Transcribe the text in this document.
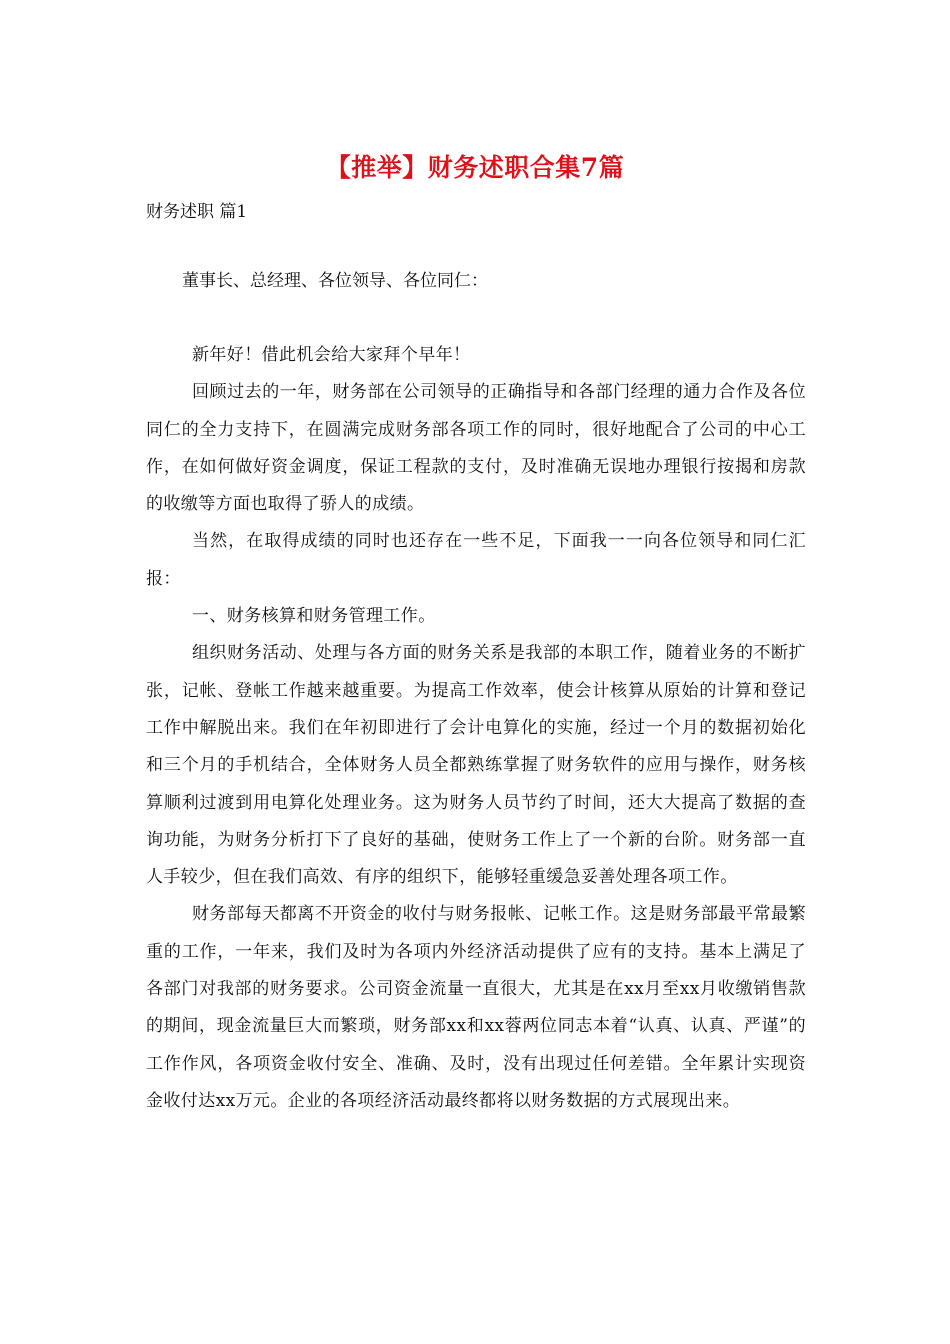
【推举】财务述职合集7篇
财务述职 篇1
董事长、总经理、各位领导、各位同仁：

新年好！借此机会给大家拜个早年！

回顾过去的一年，财务部在公司领导的正确指导和各部门经理的通力合作及各位同仁的全力支持下，在圆满完成财务部各项工作的同时，很好地配合了公司的中心工作，在如何做好资金调度，保证工程款的支付，及时准确无误地办理银行按揭和房款的收缴等方面也取得了骄人的成绩。

当然，在取得成绩的同时也还存在一些不足，下面我一一向各位领导和同仁汇报：

一、财务核算和财务管理工作。

组织财务活动、处理与各方面的财务关系是我部的本职工作，随着业务的不断扩张，记帐、登帐工作越来越重要。为提高工作效率，使会计核算从原始的计算和登记工作中解脱出来。我们在年初即进行了会计电算化的实施，经过一个月的数据初始化和三个月的手机结合，全体财务人员全都熟练掌握了财务软件的应用与操作，财务核算顺利过渡到用电算化处理业务。这为财务人员节约了时间，还大大提高了数据的查询功能，为财务分析打下了良好的基础，使财务工作上了一个新的台阶。财务部一直人手较少，但在我们高效、有序的组织下，能够轻重缓急妥善处理各项工作。

财务部每天都离不开资金的收付与财务报帐、记帐工作。这是财务部最平常最繁重的工作，一年来，我们及时为各项内外经济活动提供了应有的支持。基本上满足了各部门对我部的财务要求。公司资金流量一直很大，尤其是在xx月至xx月收缴销售款的期间，现金流量巨大而繁琐，财务部xx和xx蓉两位同志本着“认真、认真、严谨”的工作作风，各项资金收付安全、准确、及时，没有出现过任何差错。全年累计实现资金收付达xx万元。企业的各项经济活动最终都将以财务数据的方式展现出来。
